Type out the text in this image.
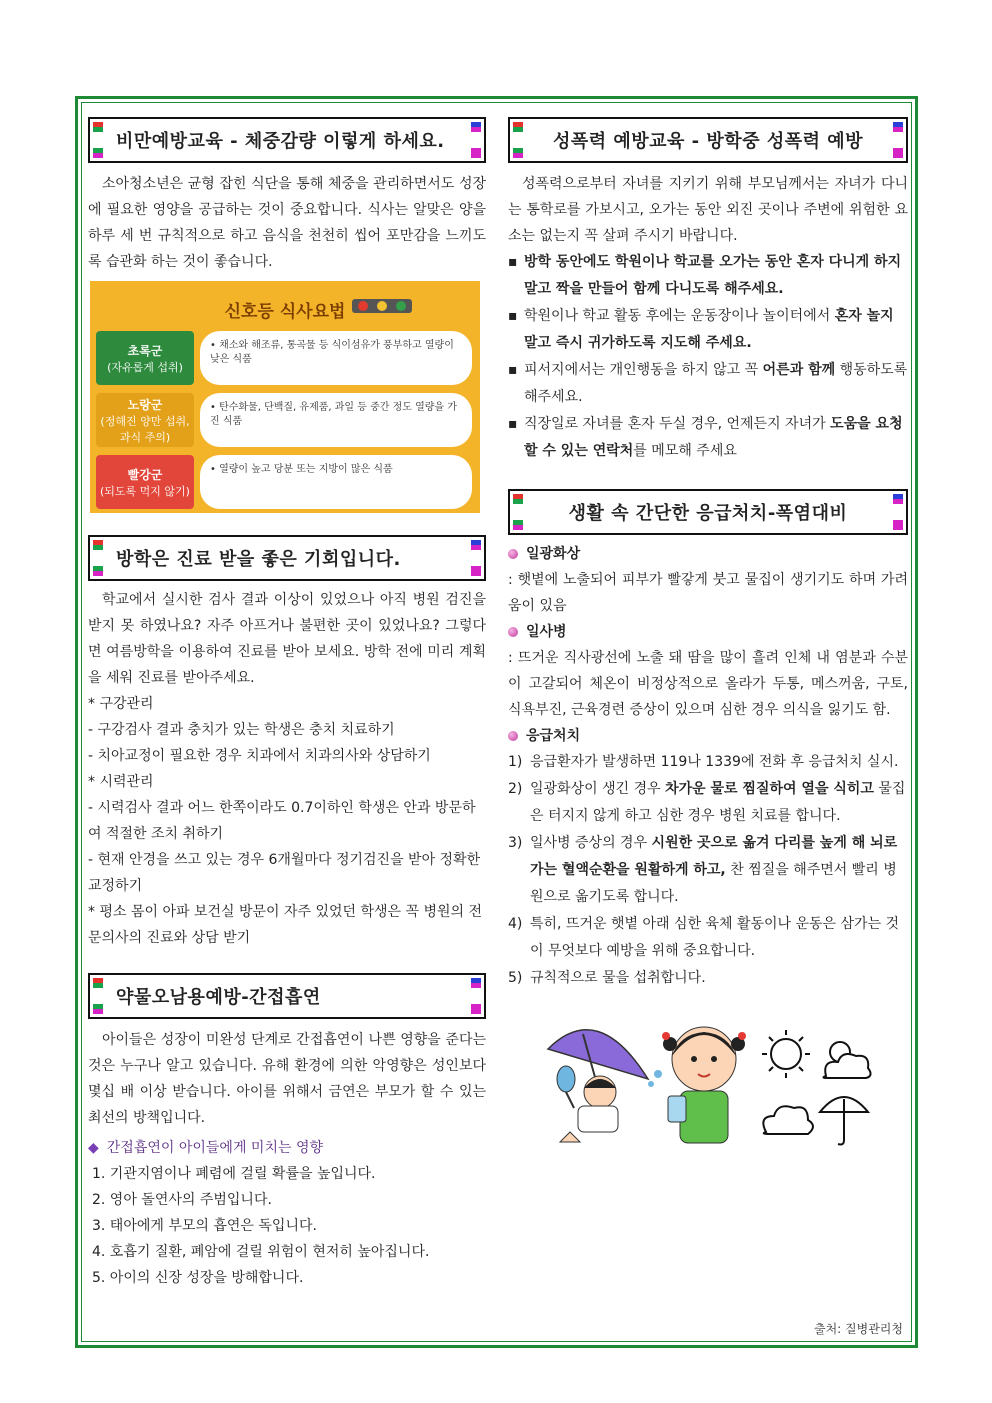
비만예방교육 - 체중감량 이렇게 하세요.

소아청소년은 균형 잡힌 식단을 통해 체중을 관리하면서도 성장에 필요한 영양을 공급하는 것이 중요합니다. 식사는 알맞은 양을 하루 세 번 규칙적으로 하고 음식을 천천히 씹어 포만감을 느끼도록 습관화 하는 것이 좋습니다.

신호등 식사요법
초록군
(자유롭게 섭취)
• 채소와 해조류, 통곡물 등 식이섬유가 풍부하고 열량이 낮은 식품
노랑군
(정해진 양만 섭취, 과식 주의)
• 탄수화물, 단백질, 유제품, 과일 등 중간 정도 열량을 가진 식품
빨강군
(되도록 먹지 않기)
• 열량이 높고 당분 또는 지방이 많은 식품
방학은 진료 받을 좋은 기회입니다.

학교에서 실시한 검사 결과 이상이 있었으나 아직 병원 검진을 받지 못 하였나요? 자주 아프거나 불편한 곳이 있었나요? 그렇다면 여름방학을 이용하여 진료를 받아 보세요. 방학 전에 미리 계획을 세워 진료를 받아주세요.

* 구강관리

- 구강검사 결과 충치가 있는 학생은 충치 치료하기

- 치아교정이 필요한 경우 치과에서 치과의사와 상담하기

* 시력관리

- 시력검사 결과 어느 한쪽이라도 0.7이하인 학생은 안과 방문하여 적절한 조치 취하기

- 현재 안경을 쓰고 있는 경우 6개월마다 정기검진을 받아 정확한 교정하기

* 평소 몸이 아파 보건실 방문이 자주 있었던 학생은 꼭 병원의 전문의사의 진료와 상담 받기

약물오남용예방-간접흡연

아이들은 성장이 미완성 단계로 간접흡연이 나쁜 영향을 준다는 것은 누구나 알고 있습니다. 유해 환경에 의한 악영향은 성인보다 몇십 배 이상 받습니다. 아이를 위해서 금연은 부모가 할 수 있는 최선의 방책입니다.

◆ 간접흡연이 아이들에게 미치는 영향

1. 기관지염이나 폐렴에 걸릴 확률을 높입니다.

2. 영아 돌연사의 주범입니다.

3. 태아에게 부모의 흡연은 독입니다.

4. 호흡기 질환, 폐암에 걸릴 위험이 현저히 높아집니다.

5. 아이의 신장 성장을 방해합니다.

성폭력 예방교육 - 방학중 성폭력 예방

성폭력으로부터 자녀를 지키기 위해 부모님께서는 자녀가 다니는 통학로를 가보시고, 오가는 동안 외진 곳이나 주변에 위험한 요소는 없는지 꼭 살펴 주시기 바랍니다.

▪ 방학 동안에도 학원이나 학교를 오가는 동안 혼자 다니게 하지 말고 짝을 만들어 함께 다니도록 해주세요.
▪ 학원이나 학교 활동 후에는 운동장이나 놀이터에서 혼자 놀지 말고 즉시 귀가하도록 지도해 주세요.
▪ 피서지에서는 개인행동을 하지 않고 꼭 어른과 함께 행동하도록 해주세요.
▪ 직장일로 자녀를 혼자 두실 경우, 언제든지 자녀가 도움을 요청할 수 있는 연락처를 메모해 주세요
생활 속 간단한 응급처치-폭염대비
일광화상

: 햇볕에 노출되어 피부가 빨갛게 붓고 물집이 생기기도 하며 가려움이 있음

일사병

: 뜨거운 직사광선에 노출 돼 땀을 많이 흘려 인체 내 염분과 수분이 고갈되어 체온이 비정상적으로 올라가 두통, 메스꺼움, 구토, 식욕부진, 근육경련 증상이 있으며 심한 경우 의식을 잃기도 함.

응급처치
1) 응급환자가 발생하면 119나 1339에 전화 후 응급처치 실시.
2) 일광화상이 생긴 경우 차가운 물로 찜질하여 열을 식히고 물집은 터지지 않게 하고 심한 경우 병원 치료를 합니다.
3) 일사병 증상의 경우 시원한 곳으로 옮겨 다리를 높게 해 뇌로 가는 혈액순환을 원활하게 하고, 찬 찜질을 해주면서 빨리 병원으로 옮기도록 합니다.
4) 특히, 뜨거운 햇볕 아래 심한 육체 활동이나 운동은 삼가는 것이 무엇보다 예방을 위해 중요합니다.
5) 규칙적으로 물을 섭취합니다.
출처: 질병관리청
